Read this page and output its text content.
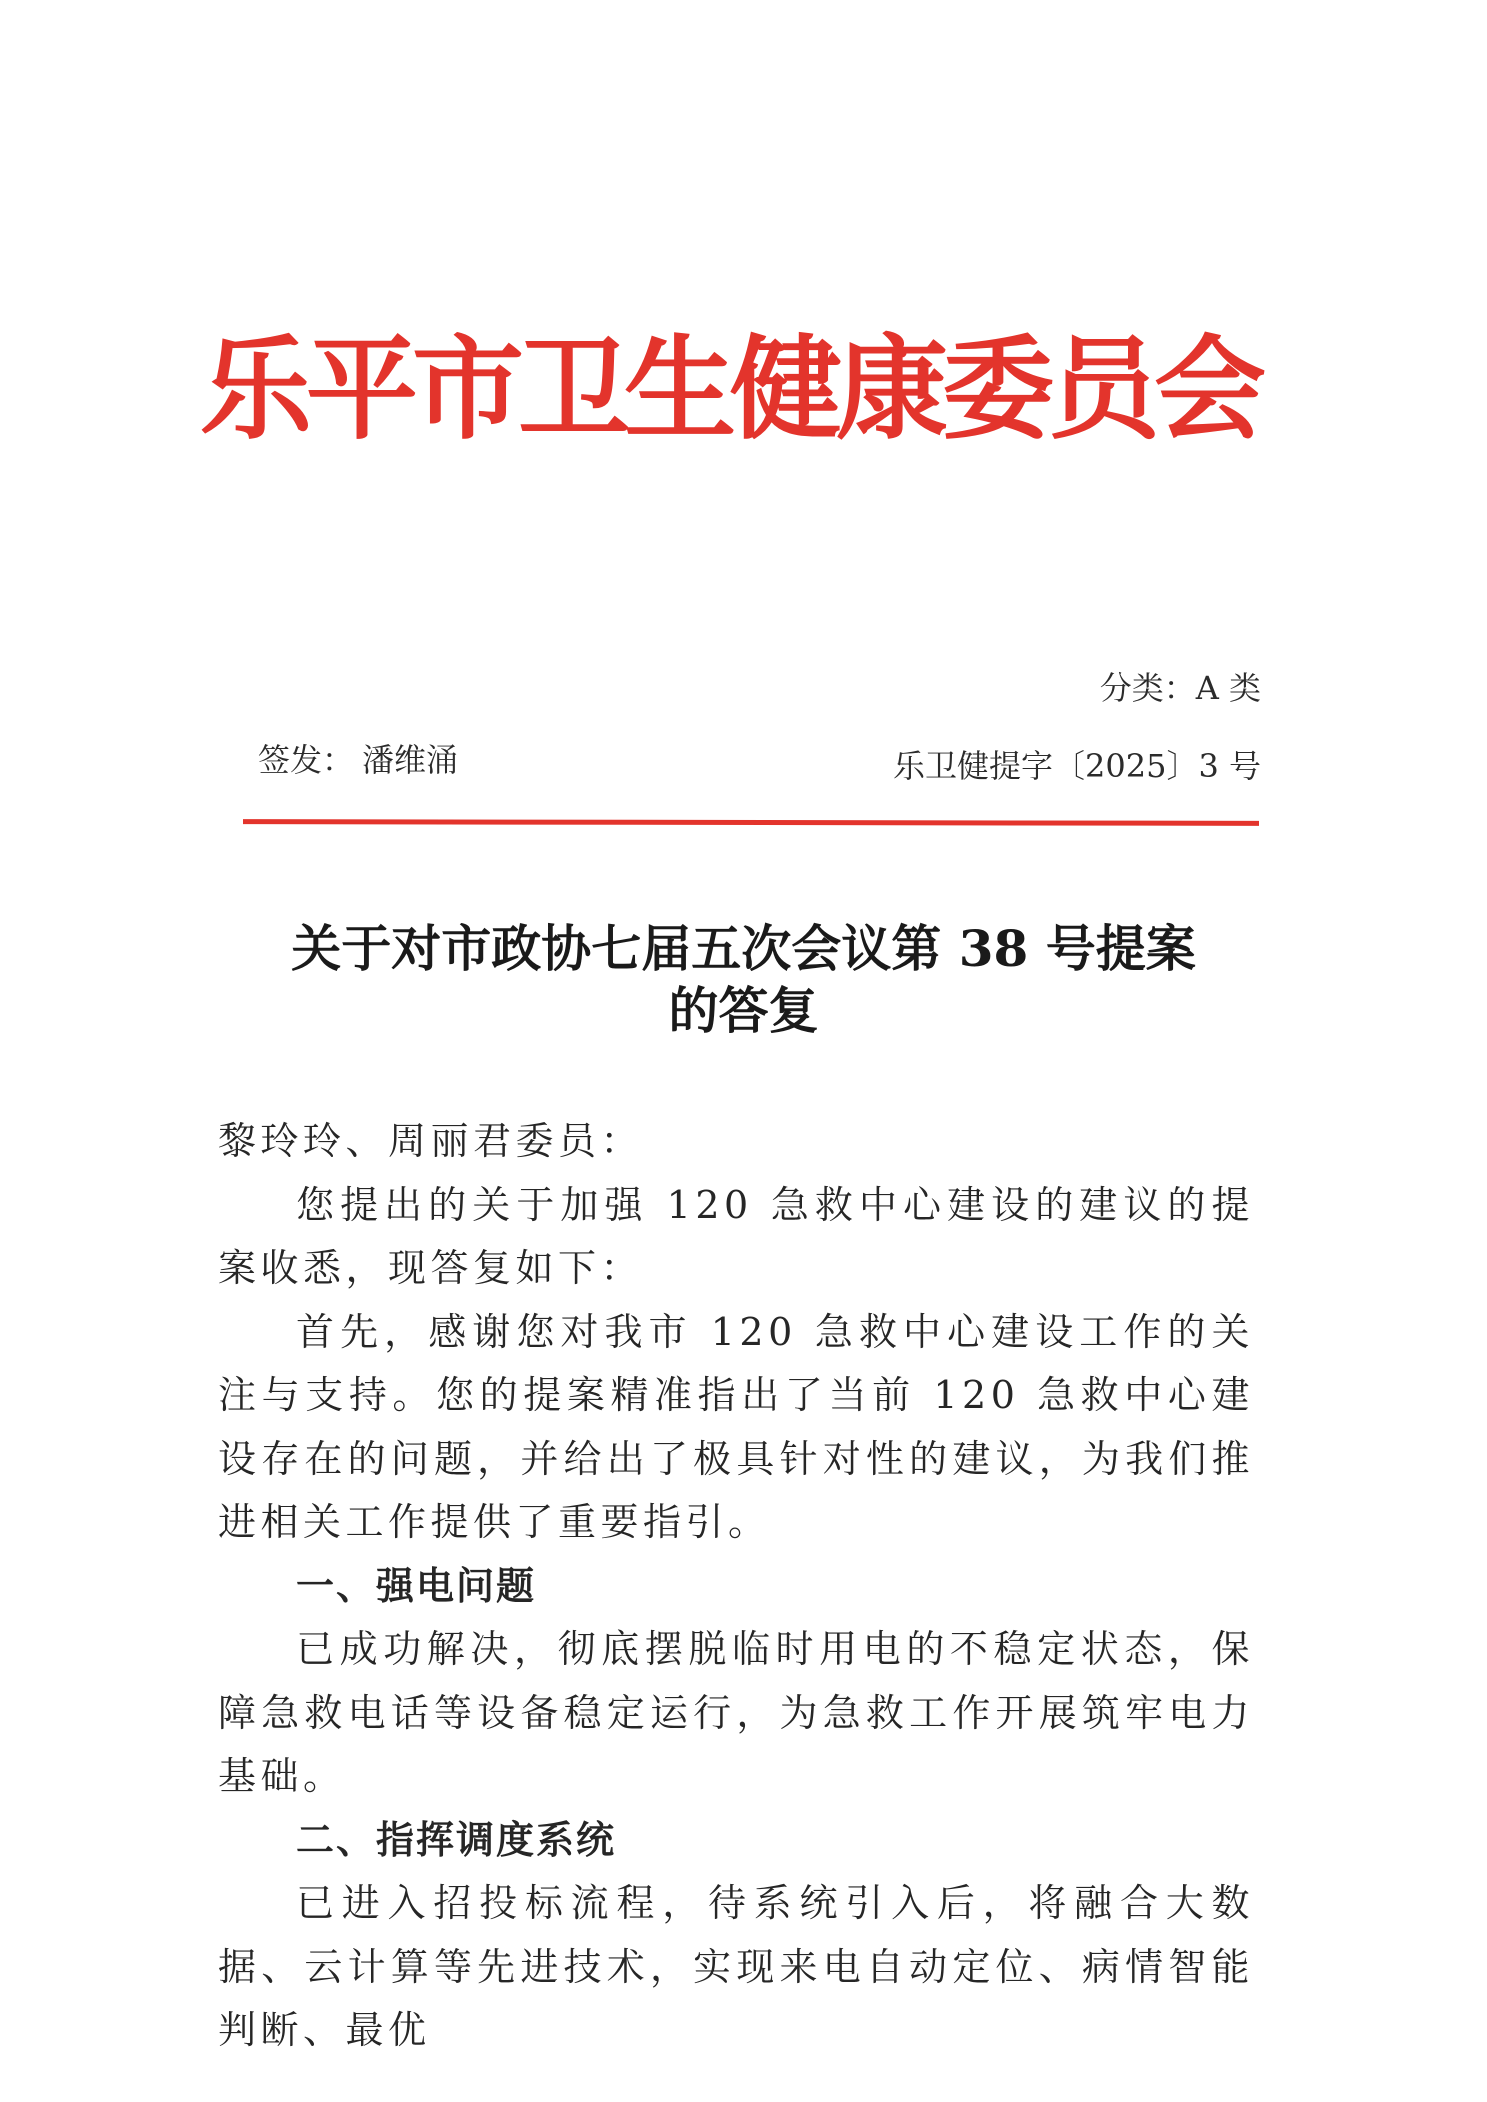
乐平市卫生健康委员会
分类：A 类
签发： 潘维涌	乐卫健提字〔2025〕3 号
关于对市政协七届五次会议第 38 号提案
的答复

黎玲玲、周丽君委员：

您提出的关于加强 120 急救中心建设的建议的提案收悉，现答复如下：

首先，感谢您对我市 120 急救中心建设工作的关注与支持。您的提案精准指出了当前 120 急救中心建设存在的问题，并给出了极具针对性的建议，为我们推进相关工作提供了重要指引。

一、强电问题

已成功解决，彻底摆脱临时用电的不稳定状态，保障急救电话等设备稳定运行，为急救工作开展筑牢电力基础。

二、指挥调度系统

已进入招投标流程，待系统引入后，将融合大数据、云计算等先进技术，实现来电自动定位、病情智能判断、最优
